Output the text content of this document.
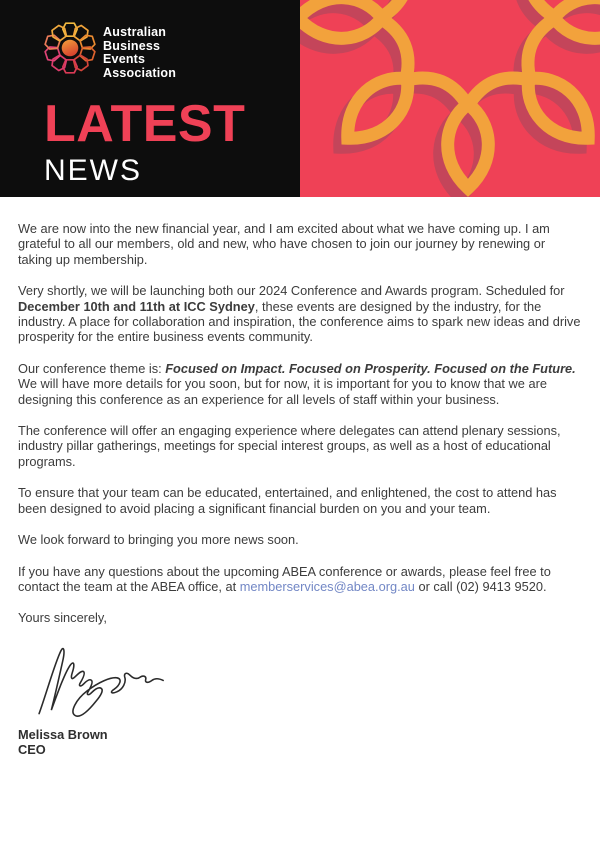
Australian
Business
Events
Association
LATEST
NEWS

We are now into the new financial year, and I am excited about what we have coming up. I am grateful to all our members, old and new, who have chosen to join our journey by renewing or taking up membership.

Very shortly, we will be launching both our 2024 Conference and Awards program. Scheduled for December 10th and 11th at ICC Sydney, these events are designed by the industry, for the industry. A place for collaboration and inspiration, the conference aims to spark new ideas and drive prosperity for the entire business events community.

Our conference theme is: Focused on Impact. Focused on Prosperity. Focused on the Future. We will have more details for you soon, but for now, it is important for you to know that we are designing this conference as an experience for all levels of staff within your business.

The conference will offer an engaging experience where delegates can attend plenary sessions, industry pillar gatherings, meetings for special interest groups, as well as a host of educational programs.

To ensure that your team can be educated, entertained, and enlightened, the cost to attend has been designed to avoid placing a significant financial burden on you and your team.

We look forward to bringing you more news soon.

If you have any questions about the upcoming ABEA conference or awards, please feel free to contact the team at the ABEA office, at memberservices@abea.org.au or call (02) 9413 9520.

Yours sincerely,

Melissa Brown
CEO
